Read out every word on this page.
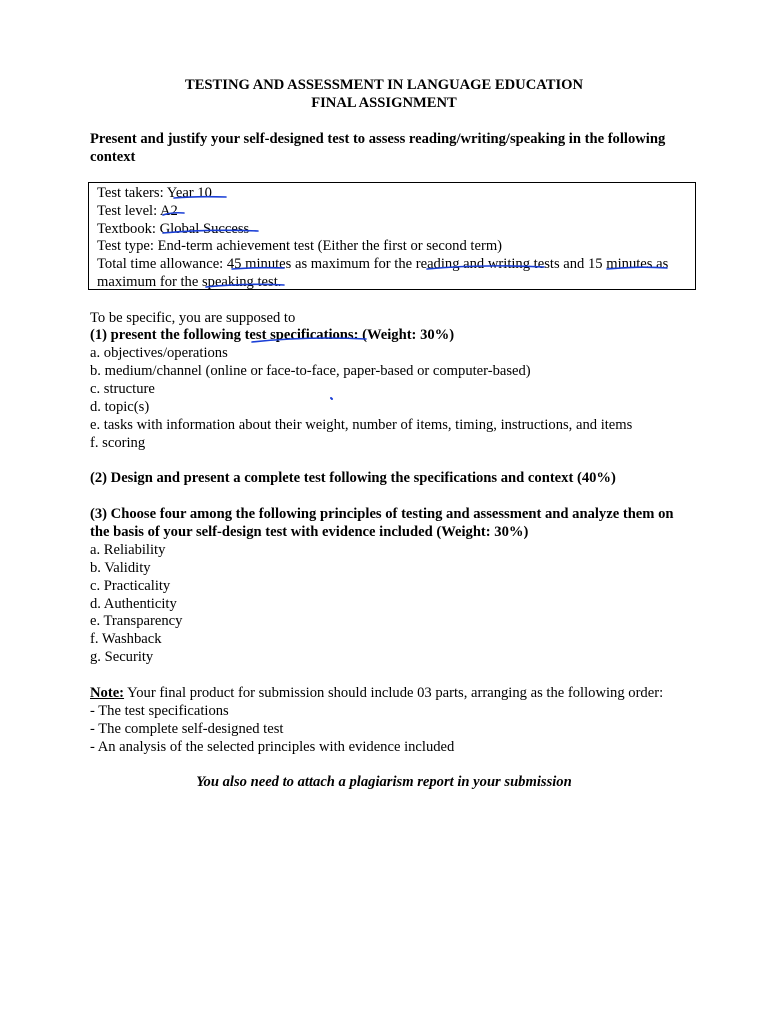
TESTING AND ASSESSMENT IN LANGUAGE EDUCATION
FINAL ASSIGNMENT
Present and justify your self-designed test to assess reading/writing/speaking in the following
context
Test takers: Year 10
Test level: A2
Textbook: Global Success
Test type: End-term achievement test (Either the first or second term)
Total time allowance: 45 minutes as maximum for the reading and writing tests and 15 minutes as
maximum for the speaking test.
To be specific, you are supposed to
(1) present the following test specifications: (Weight: 30%)
a. objectives/operations
b. medium/channel (online or face-to-face, paper-based or computer-based)
c. structure
d. topic(s)
e. tasks with information about their weight, number of items, timing, instructions, and items
f. scoring
(2) Design and present a complete test following the specifications and context (40%)
(3) Choose four among the following principles of testing and assessment and analyze them on
the basis of your self-design test with evidence included (Weight: 30%)
a. Reliability
b. Validity
c. Practicality
d. Authenticity
e. Transparency
f. Washback
g. Security
Note: Your final product for submission should include 03 parts, arranging as the following order:
- The test specifications
- The complete self-designed test
- An analysis of the selected principles with evidence included
You also need to attach a plagiarism report in your submission
